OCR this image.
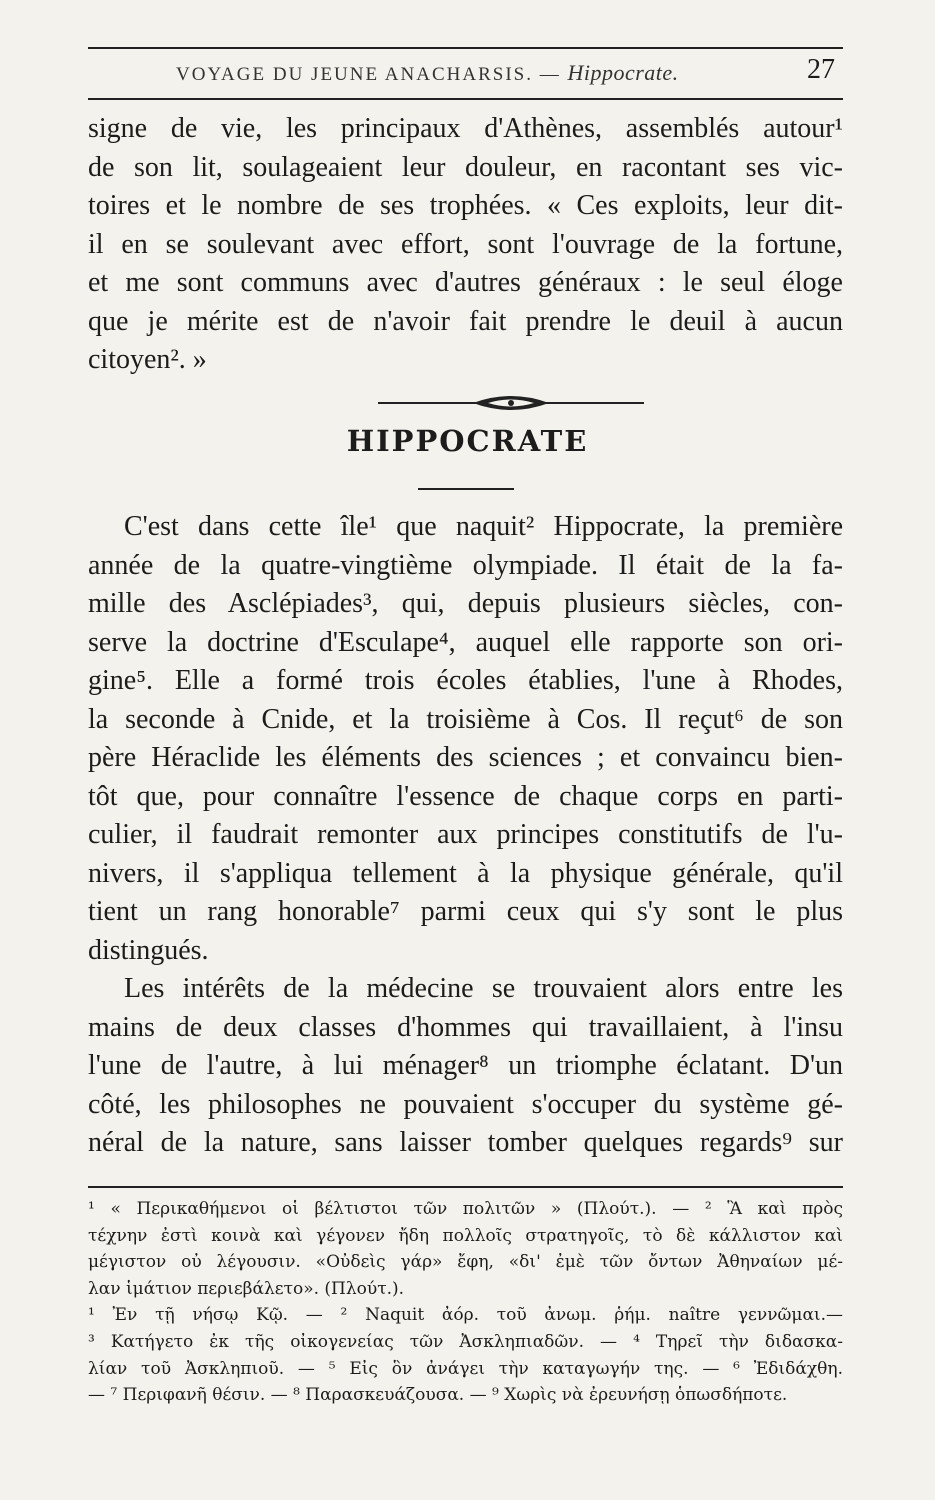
VOYAGE DU JEUNE ANACHARSIS. — Hippocrate.	27
signe de vie, les principaux d'Athènes, assemblés autour¹
de son lit, soulageaient leur douleur, en racontant ses vic-
toires et le nombre de ses trophées. « Ces exploits, leur dit-
il en se soulevant avec effort, sont l'ouvrage de la fortune,
et me sont communs avec d'autres généraux : le seul éloge
que je mérite est de n'avoir fait prendre le deuil à aucun
citoyen². »
HIPPOCRATE
C'est dans cette île¹ que naquit² Hippocrate, la première
année de la quatre-vingtième olympiade. Il était de la fa-
mille des Asclépiades³, qui, depuis plusieurs siècles, con-
serve la doctrine d'Esculape⁴, auquel elle rapporte son ori-
gine⁵. Elle a formé trois écoles établies, l'une à Rhodes,
la seconde à Cnide, et la troisième à Cos. Il reçut⁶ de son
père Héraclide les éléments des sciences ; et convaincu bien-
tôt que, pour connaître l'essence de chaque corps en parti-
culier, il faudrait remonter aux principes constitutifs de l'u-
nivers, il s'appliqua tellement à la physique générale, qu'il
tient un rang honorable⁷ parmi ceux qui s'y sont le plus
distingués.
Les intérêts de la médecine se trouvaient alors entre les
mains de deux classes d'hommes qui travaillaient, à l'insu
l'une de l'autre, à lui ménager⁸ un triomphe éclatant. D'un
côté, les philosophes ne pouvaient s'occuper du système gé-
néral de la nature, sans laisser tomber quelques regards⁹ sur
¹ « Περικαθήμενοι οἱ βέλτιστοι τῶν πολιτῶν » (Πλούτ.). — ² Ἃ καὶ πρὸς
τέχνην ἐστὶ κοινὰ καὶ γέγονεν ἤδη πολλοῖς στρατηγοῖς, τὸ δὲ κάλλιστον καὶ
μέγιστον οὐ λέγουσιν. «Οὐδεὶς γάρ» ἔφη, «δι' ἐμὲ τῶν ὄντων Ἀθηναίων μέ-
λαν ἱμάτιον περιεβάλετο». (Πλούτ.).
¹ Ἐν τῇ νήσῳ Κῷ. — ² Naquit ἀόρ. τοῦ ἀνωμ. ῥήμ. naître γεννῶμαι.—
³ Κατήγετο ἐκ τῆς οἰκογενείας τῶν Ἀσκληπιαδῶν. — ⁴ Τηρεῖ τὴν διδασκα-
λίαν τοῦ Ἀσκληπιοῦ. — ⁵ Εἰς ὃν ἀνάγει τὴν καταγωγήν της. — ⁶ Ἐδιδάχθη.
— ⁷ Περιφανῆ θέσιν. — ⁸ Παρασκευάζουσα. — ⁹ Χωρὶς νὰ ἐρευνήσῃ ὁπωσδήποτε.
